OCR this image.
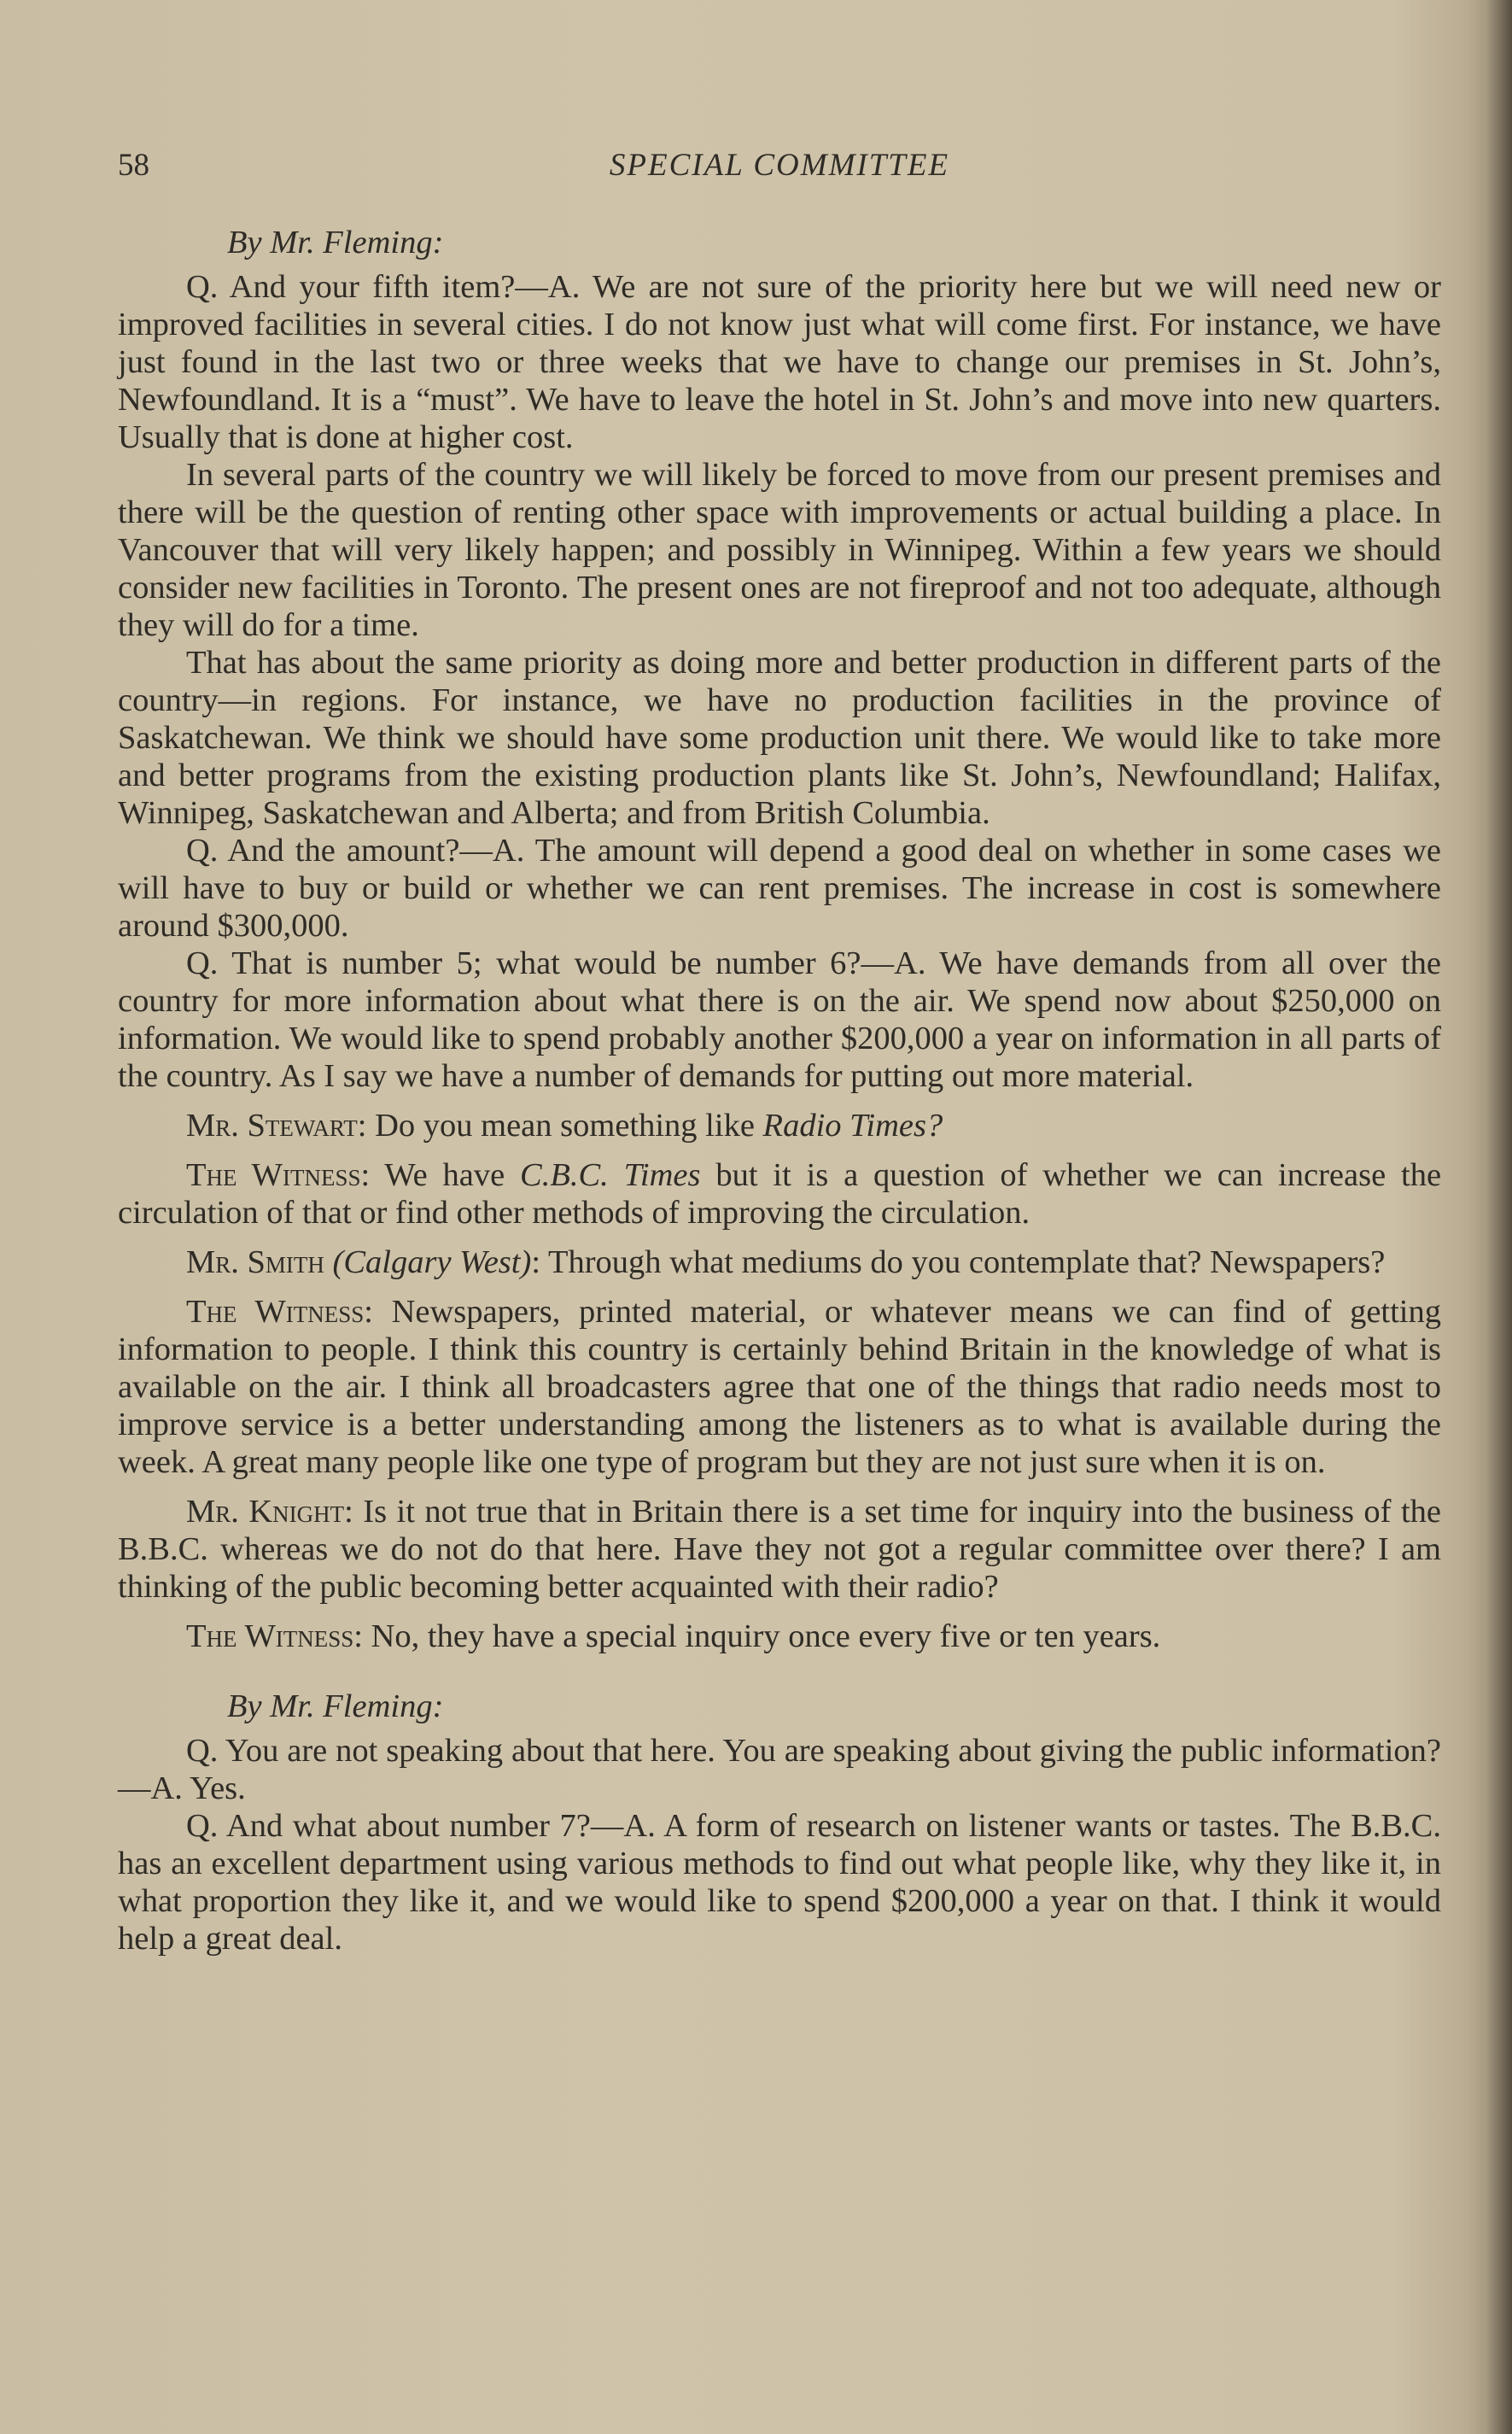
58	SPECIAL COMMITTEE
By Mr. Fleming:

Q. And your fifth item?—A. We are not sure of the priority here but we will need new or improved facilities in several cities. I do not know just what will come first. For instance, we have just found in the last two or three weeks that we have to change our premises in St. John’s, Newfoundland. It is a “must”. We have to leave the hotel in St. John’s and move into new quarters. Usually that is done at higher cost.

In several parts of the country we will likely be forced to move from our present premises and there will be the question of renting other space with improvements or actual building a place. In Vancouver that will very likely happen; and possibly in Winnipeg. Within a few years we should consider new facilities in Toronto. The present ones are not fireproof and not too adequate, although they will do for a time.

That has about the same priority as doing more and better production in different parts of the country—in regions. For instance, we have no production facilities in the province of Saskatchewan. We think we should have some production unit there. We would like to take more and better programs from the existing production plants like St. John’s, Newfoundland; Halifax, Winnipeg, Saskatchewan and Alberta; and from British Columbia.

Q. And the amount?—A. The amount will depend a good deal on whether in some cases we will have to buy or build or whether we can rent premises. The increase in cost is somewhere around $300,000.

Q. That is number 5; what would be number 6?—A. We have demands from all over the country for more information about what there is on the air. We spend now about $250,000 on information. We would like to spend probably another $200,000 a year on information in all parts of the country. As I say we have a number of demands for putting out more material.

Mr. Stewart: Do you mean something like Radio Times?

The Witness: We have C.B.C. Times but it is a question of whether we can increase the circulation of that or find other methods of improving the circulation.

Mr. Smith (Calgary West): Through what mediums do you contemplate that? Newspapers?

The Witness: Newspapers, printed material, or whatever means we can find of getting information to people. I think this country is certainly behind Britain in the knowledge of what is available on the air. I think all broadcasters agree that one of the things that radio needs most to improve service is a better understanding among the listeners as to what is available during the week. A great many people like one type of program but they are not just sure when it is on.

Mr. Knight: Is it not true that in Britain there is a set time for inquiry into the business of the B.B.C. whereas we do not do that here. Have they not got a regular committee over there? I am thinking of the public becoming better acquainted with their radio?

The Witness: No, they have a special inquiry once every five or ten years.

By Mr. Fleming:

Q. You are not speaking about that here. You are speaking about giving the public information?—A. Yes.

Q. And what about number 7?—A. A form of research on listener wants or tastes. The B.B.C. has an excellent department using various methods to find out what people like, why they like it, in what proportion they like it, and we would like to spend $200,000 a year on that. I think it would help a great deal.
